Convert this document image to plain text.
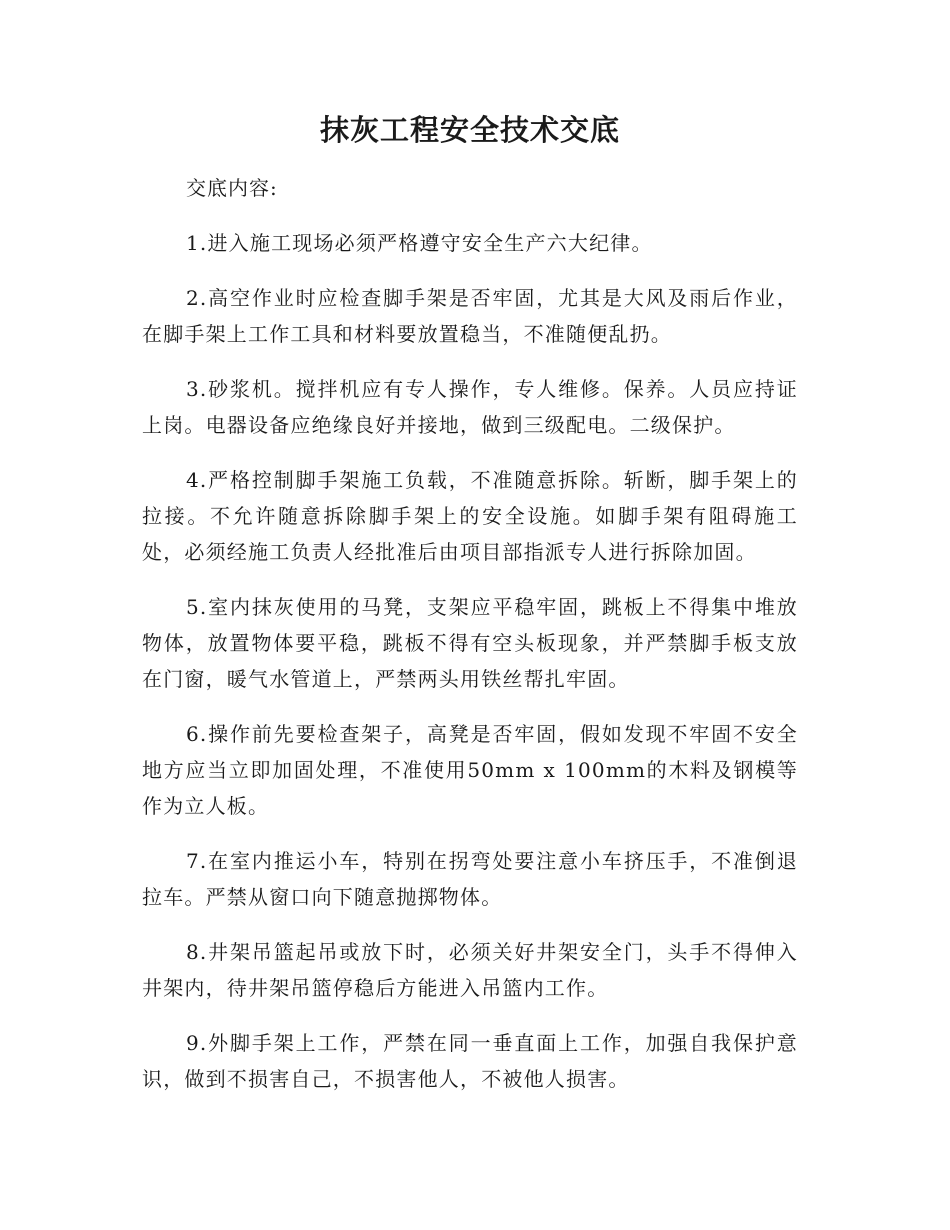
抹灰工程安全技术交底

交底内容:

1.进入施工现场必须严格遵守安全生产六大纪律。

2.高空作业时应检查脚手架是否牢固，尤其是大风及雨后作业，在脚手架上工作工具和材料要放置稳当，不准随便乱扔。

3.砂浆机。搅拌机应有专人操作，专人维修。保养。人员应持证上岗。电器设备应绝缘良好并接地，做到三级配电。二级保护。

4.严格控制脚手架施工负载，不准随意拆除。斩断，脚手架上的拉接。不允许随意拆除脚手架上的安全设施。如脚手架有阻碍施工处，必须经施工负责人经批准后由项目部指派专人进行拆除加固。

5.室内抹灰使用的马凳，支架应平稳牢固，跳板上不得集中堆放物体，放置物体要平稳，跳板不得有空头板现象，并严禁脚手板支放在门窗，暖气水管道上，严禁两头用铁丝帮扎牢固。

6.操作前先要检查架子，高凳是否牢固，假如发现不牢固不安全地方应当立即加固处理，不准使用50mm x 100mm的木料及钢模等作为立人板。

7.在室内推运小车，特别在拐弯处要注意小车挤压手，不准倒退拉车。严禁从窗口向下随意抛掷物体。

8.井架吊篮起吊或放下时，必须关好井架安全门，头手不得伸入井架内，待井架吊篮停稳后方能进入吊篮内工作。

9.外脚手架上工作，严禁在同一垂直面上工作，加强自我保护意识，做到不损害自己，不损害他人，不被他人损害。
